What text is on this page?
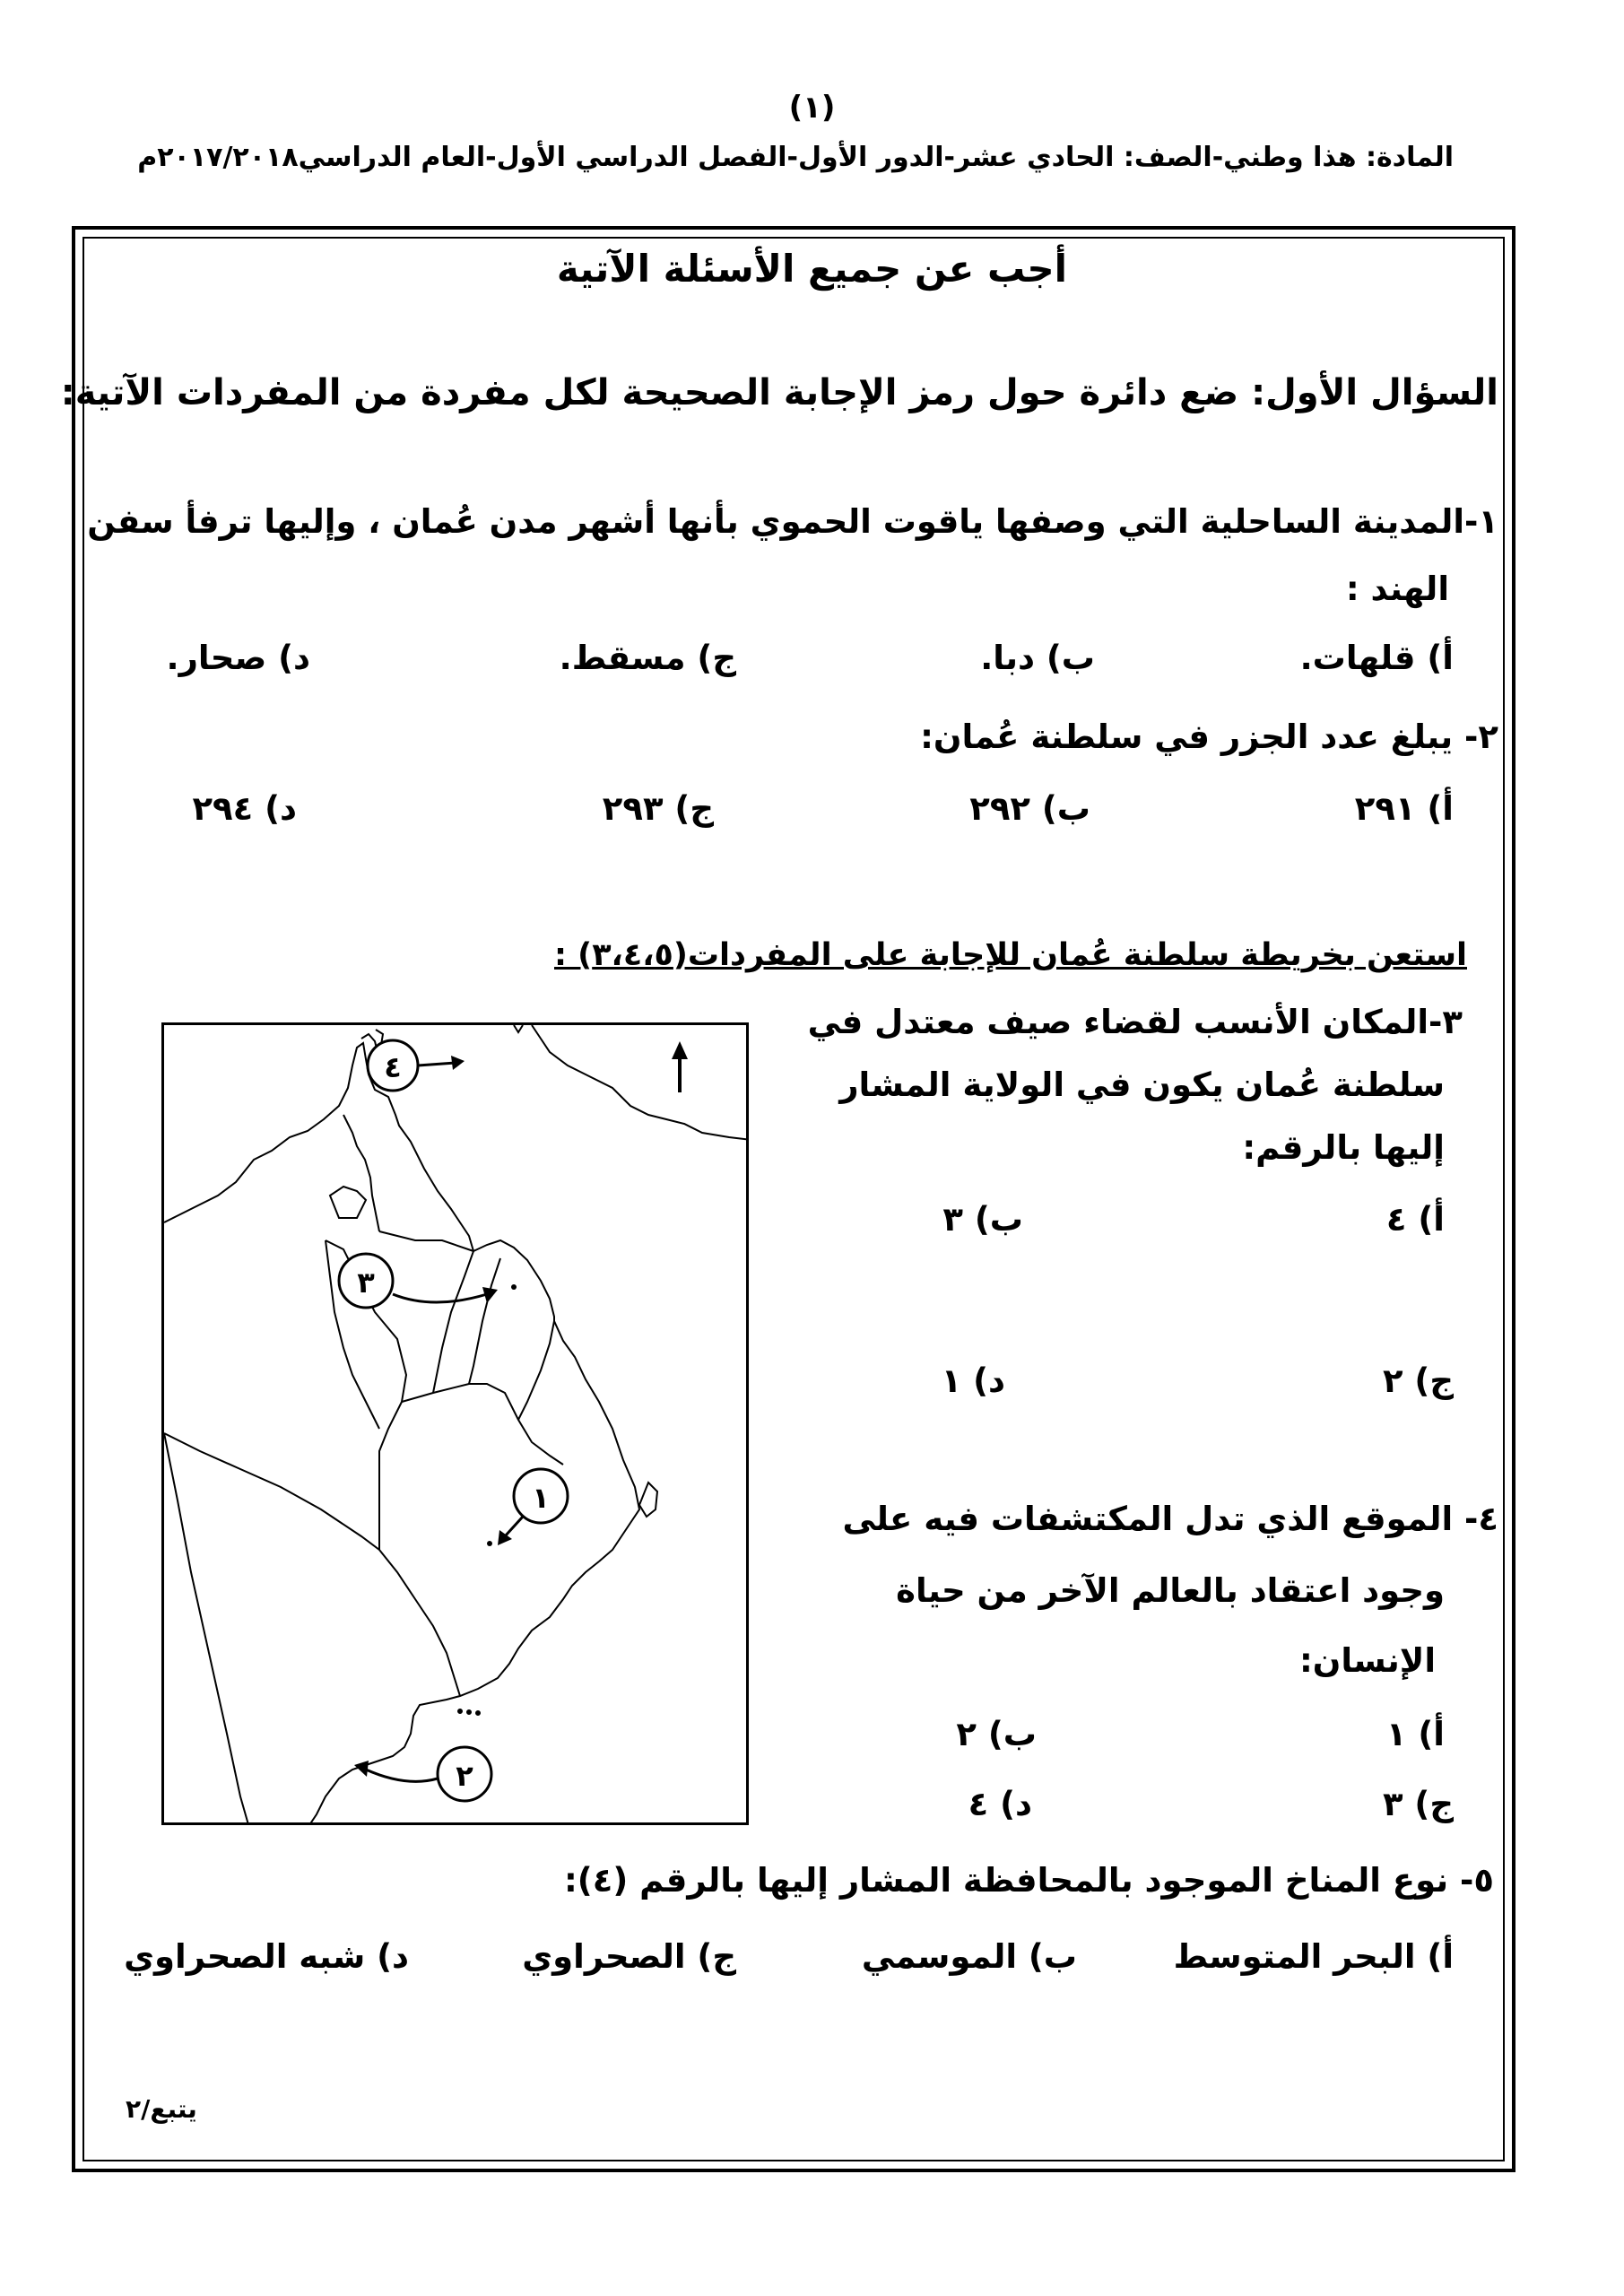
(١)
المادة: هذا وطني-الصف: الحادي عشر-الدور الأول-الفصل الدراسي الأول-العام الدراسي٢٠١٧/٢٠١٨م
أجب عن جميع الأسئلة الآتية
السؤال الأول: ضع دائرة حول رمز الإجابة الصحيحة لكل مفردة من المفردات الآتية:
١-المدينة الساحلية التي وصفها ياقوت الحموي بأنها أشهر مدن عُمان ، وإليها ترفأ سفن
الهند :
أ) قلهات.
ب) دبا.
ج) مسقط.
د) صحار.
٢- يبلغ عدد الجزر في سلطنة عُمان:
أ) ٢٩١
ب) ٢٩٢
ج) ٢٩٣
د) ٢٩٤
استعن بخريطة سلطنة عُمان للإجابة على المفردات(٣،٤،٥) :
٣-المكان الأنسب لقضاء صيف معتدل في
سلطنة عُمان يكون في الولاية المشار
إليها بالرقم:
أ) ٤
ب) ٣
ج) ٢
د) ١
٤- الموقع الذي تدل المكتشفات فيه على
وجود اعتقاد بالعالم الآخر من حياة
الإنسان:
أ) ١
ب) ٢
ج) ٣
د) ٤
٥- نوع المناخ الموجود بالمحافظة المشار إليها بالرقم (٤):
أ) البحر المتوسط
ب) الموسمي
ج) الصحراوي
د) شبه الصحراوي
٤
٣
١
٢
يتبع/٢
